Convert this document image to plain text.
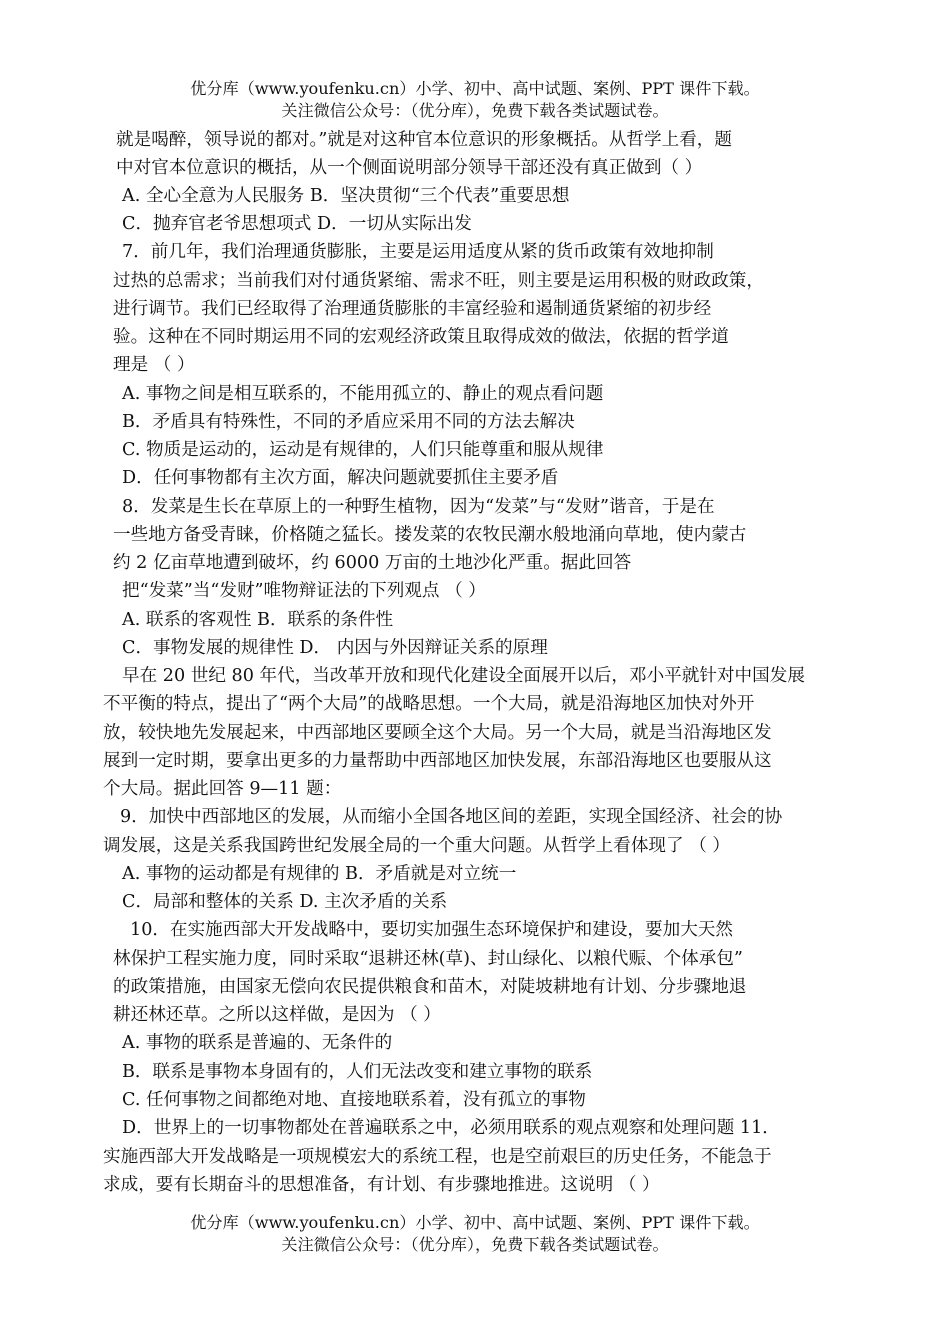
优分库（www.youfenku.cn）小学、初中、高中试题、案例、PPT 课件下载。
关注微信公众号：（优分库），免费下载各类试题试卷。
就是喝醉，领导说的都对。”就是对这种官本位意识的形象概括。从哲学上看，题
中对官本位意识的概括，从一个侧面说明部分领导干部还没有真正做到（ ）
A. 全心全意为人民服务 B．坚决贯彻“三个代表”重要思想
C．抛弃官老爷思想项式 D．一切从实际出发
7．前几年，我们治理通货膨胀，主要是运用适度从紧的货币政策有效地抑制
过热的总需求；当前我们对付通货紧缩、需求不旺，则主要是运用积极的财政政策，
进行调节。我们已经取得了治理通货膨胀的丰富经验和遏制通货紧缩的初步经
验。这种在不同时期运用不同的宏观经济政策且取得成效的做法，依据的哲学道
理是 （ ）
A. 事物之间是相互联系的，不能用孤立的、静止的观点看问题
B．矛盾具有特殊性，不同的矛盾应采用不同的方法去解决
C. 物质是运动的，运动是有规律的，人们只能尊重和服从规律
D．任何事物都有主次方面，解决问题就要抓住主要矛盾
8．发菜是生长在草原上的一种野生植物，因为“发菜”与“发财”谐音，于是在
一些地方备受青睐，价格随之猛长。搂发菜的农牧民潮水般地涌向草地，使内蒙古
约 2 亿亩草地遭到破坏，约 6000 万亩的土地沙化严重。据此回答
把“发菜”当“发财”唯物辩证法的下列观点 （ ）
A. 联系的客观性 B．联系的条件性
C．事物发展的规律性 D． 内因与外因辩证关系的原理
早在 20 世纪 80 年代，当改革开放和现代化建设全面展开以后，邓小平就针对中国发展
不平衡的特点，提出了“两个大局”的战略思想。一个大局，就是沿海地区加快对外开
放，较快地先发展起来，中西部地区要顾全这个大局。另一个大局，就是当沿海地区发
展到一定时期，要拿出更多的力量帮助中西部地区加快发展，东部沿海地区也要服从这
个大局。据此回答 9—11 题：
9．加快中西部地区的发展，从而缩小全国各地区间的差距，实现全国经济、社会的协
调发展，这是关系我国跨世纪发展全局的一个重大问题。从哲学上看体现了 （ ）
A. 事物的运动都是有规律的 B．矛盾就是对立统一
C．局部和整体的关系 D. 主次矛盾的关系
10．在实施西部大开发战略中，要切实加强生态环境保护和建设，要加大天然
林保护工程实施力度，同时采取“退耕还林(草)、封山绿化、以粮代赈、个体承包”
的政策措施，由国家无偿向农民提供粮食和苗木，对陡坡耕地有计划、分步骤地退
耕还林还草。之所以这样做，是因为 （ ）
A. 事物的联系是普遍的、无条件的
B．联系是事物本身固有的，人们无法改变和建立事物的联系
C. 任何事物之间都绝对地、直接地联系着，没有孤立的事物
D．世界上的一切事物都处在普遍联系之中，必须用联系的观点观察和处理问题 11．
实施西部大开发战略是一项规模宏大的系统工程，也是空前艰巨的历史任务，不能急于
求成，要有长期奋斗的思想准备，有计划、有步骤地推进。这说明 （ ）
优分库（www.youfenku.cn）小学、初中、高中试题、案例、PPT 课件下载。
关注微信公众号：（优分库），免费下载各类试题试卷。
